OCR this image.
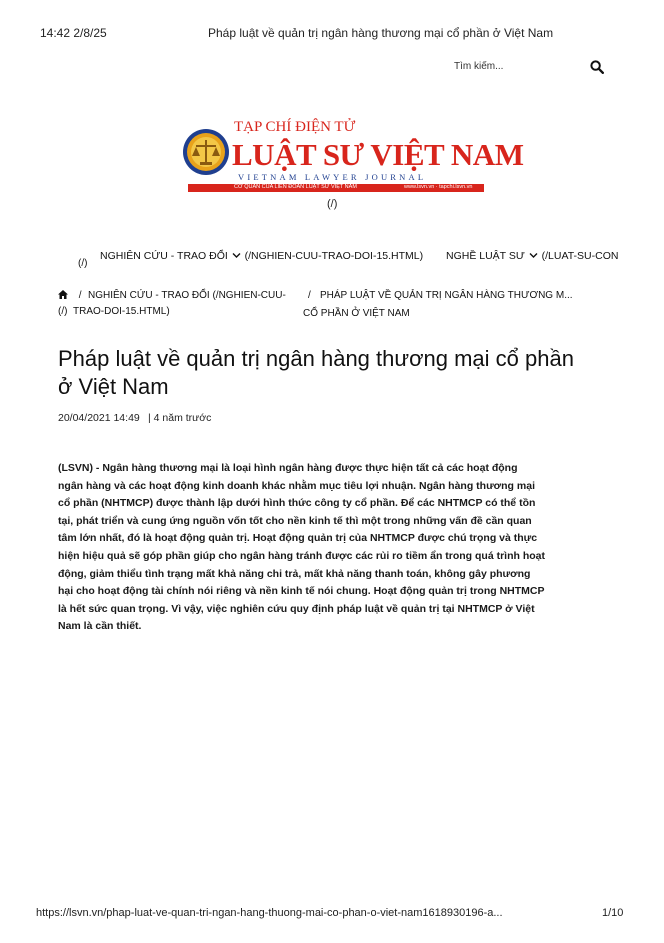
14:42 2/8/25	Pháp luật về quản trị ngân hàng thương mại cổ phần ở Việt Nam
Tìm kiếm...
TẠP CHÍ ĐIỆN TỬ
LUẬT SƯ VIỆT NAM
VIETNAM LAWYER JOURNAL
CƠ QUAN CỦA LIÊN ĐOÀN LUẬT SƯ VIỆT NAM	www.lsvn.vn · tapchi.lsvn.vn
(/)
(/)
NGHIÊN CỨU - TRAO ĐỔI (/NGHIEN-CUU-TRAO-DOI-15.HTML) NGHỀ LUẬT SƯ (/LUAT-SU-CON
/ NGHIÊN CỨU - TRAO ĐỔI (/NGHIEN-CUU-
(/) TRAO-DOI-15.HTML)
/ PHÁP LUẬT VỀ QUẢN TRỊ NGÂN HÀNG THƯƠNG M...
CỔ PHẦN Ở VIỆT NAM
Pháp luật về quản trị ngân hàng thương mại cổ phần
ở Việt Nam
20/04/2021 14:49 | 4 năm trước
(LSVN) - Ngân hàng thương mại là loại hình ngân hàng được thực hiện tất cả các hoạt động
ngân hàng và các hoạt động kinh doanh khác nhằm mục tiêu lợi nhuận. Ngân hàng thương mại
cổ phần (NHTMCP) được thành lập dưới hình thức công ty cổ phần. Để các NHTMCP có thể tồn
tại, phát triển và cung ứng nguồn vốn tốt cho nền kinh tế thì một trong những vấn đề cần quan
tâm lớn nhất, đó là hoạt động quản trị. Hoạt động quản trị của NHTMCP được chú trọng và thực
hiện hiệu quả sẽ góp phần giúp cho ngân hàng tránh được các rủi ro tiềm ẩn trong quá trình hoạt
động, giảm thiểu tình trạng mất khả năng chi trả, mất khả năng thanh toán, không gây phương
hại cho hoạt động tài chính nói riêng và nền kinh tế nói chung. Hoạt động quản trị trong NHTMCP
là hết sức quan trọng. Vì vậy, việc nghiên cứu quy định pháp luật về quản trị tại NHTMCP ở Việt
Nam là cần thiết.
https://lsvn.vn/phap-luat-ve-quan-tri-ngan-hang-thuong-mai-co-phan-o-viet-nam1618930196-a...	1/10
